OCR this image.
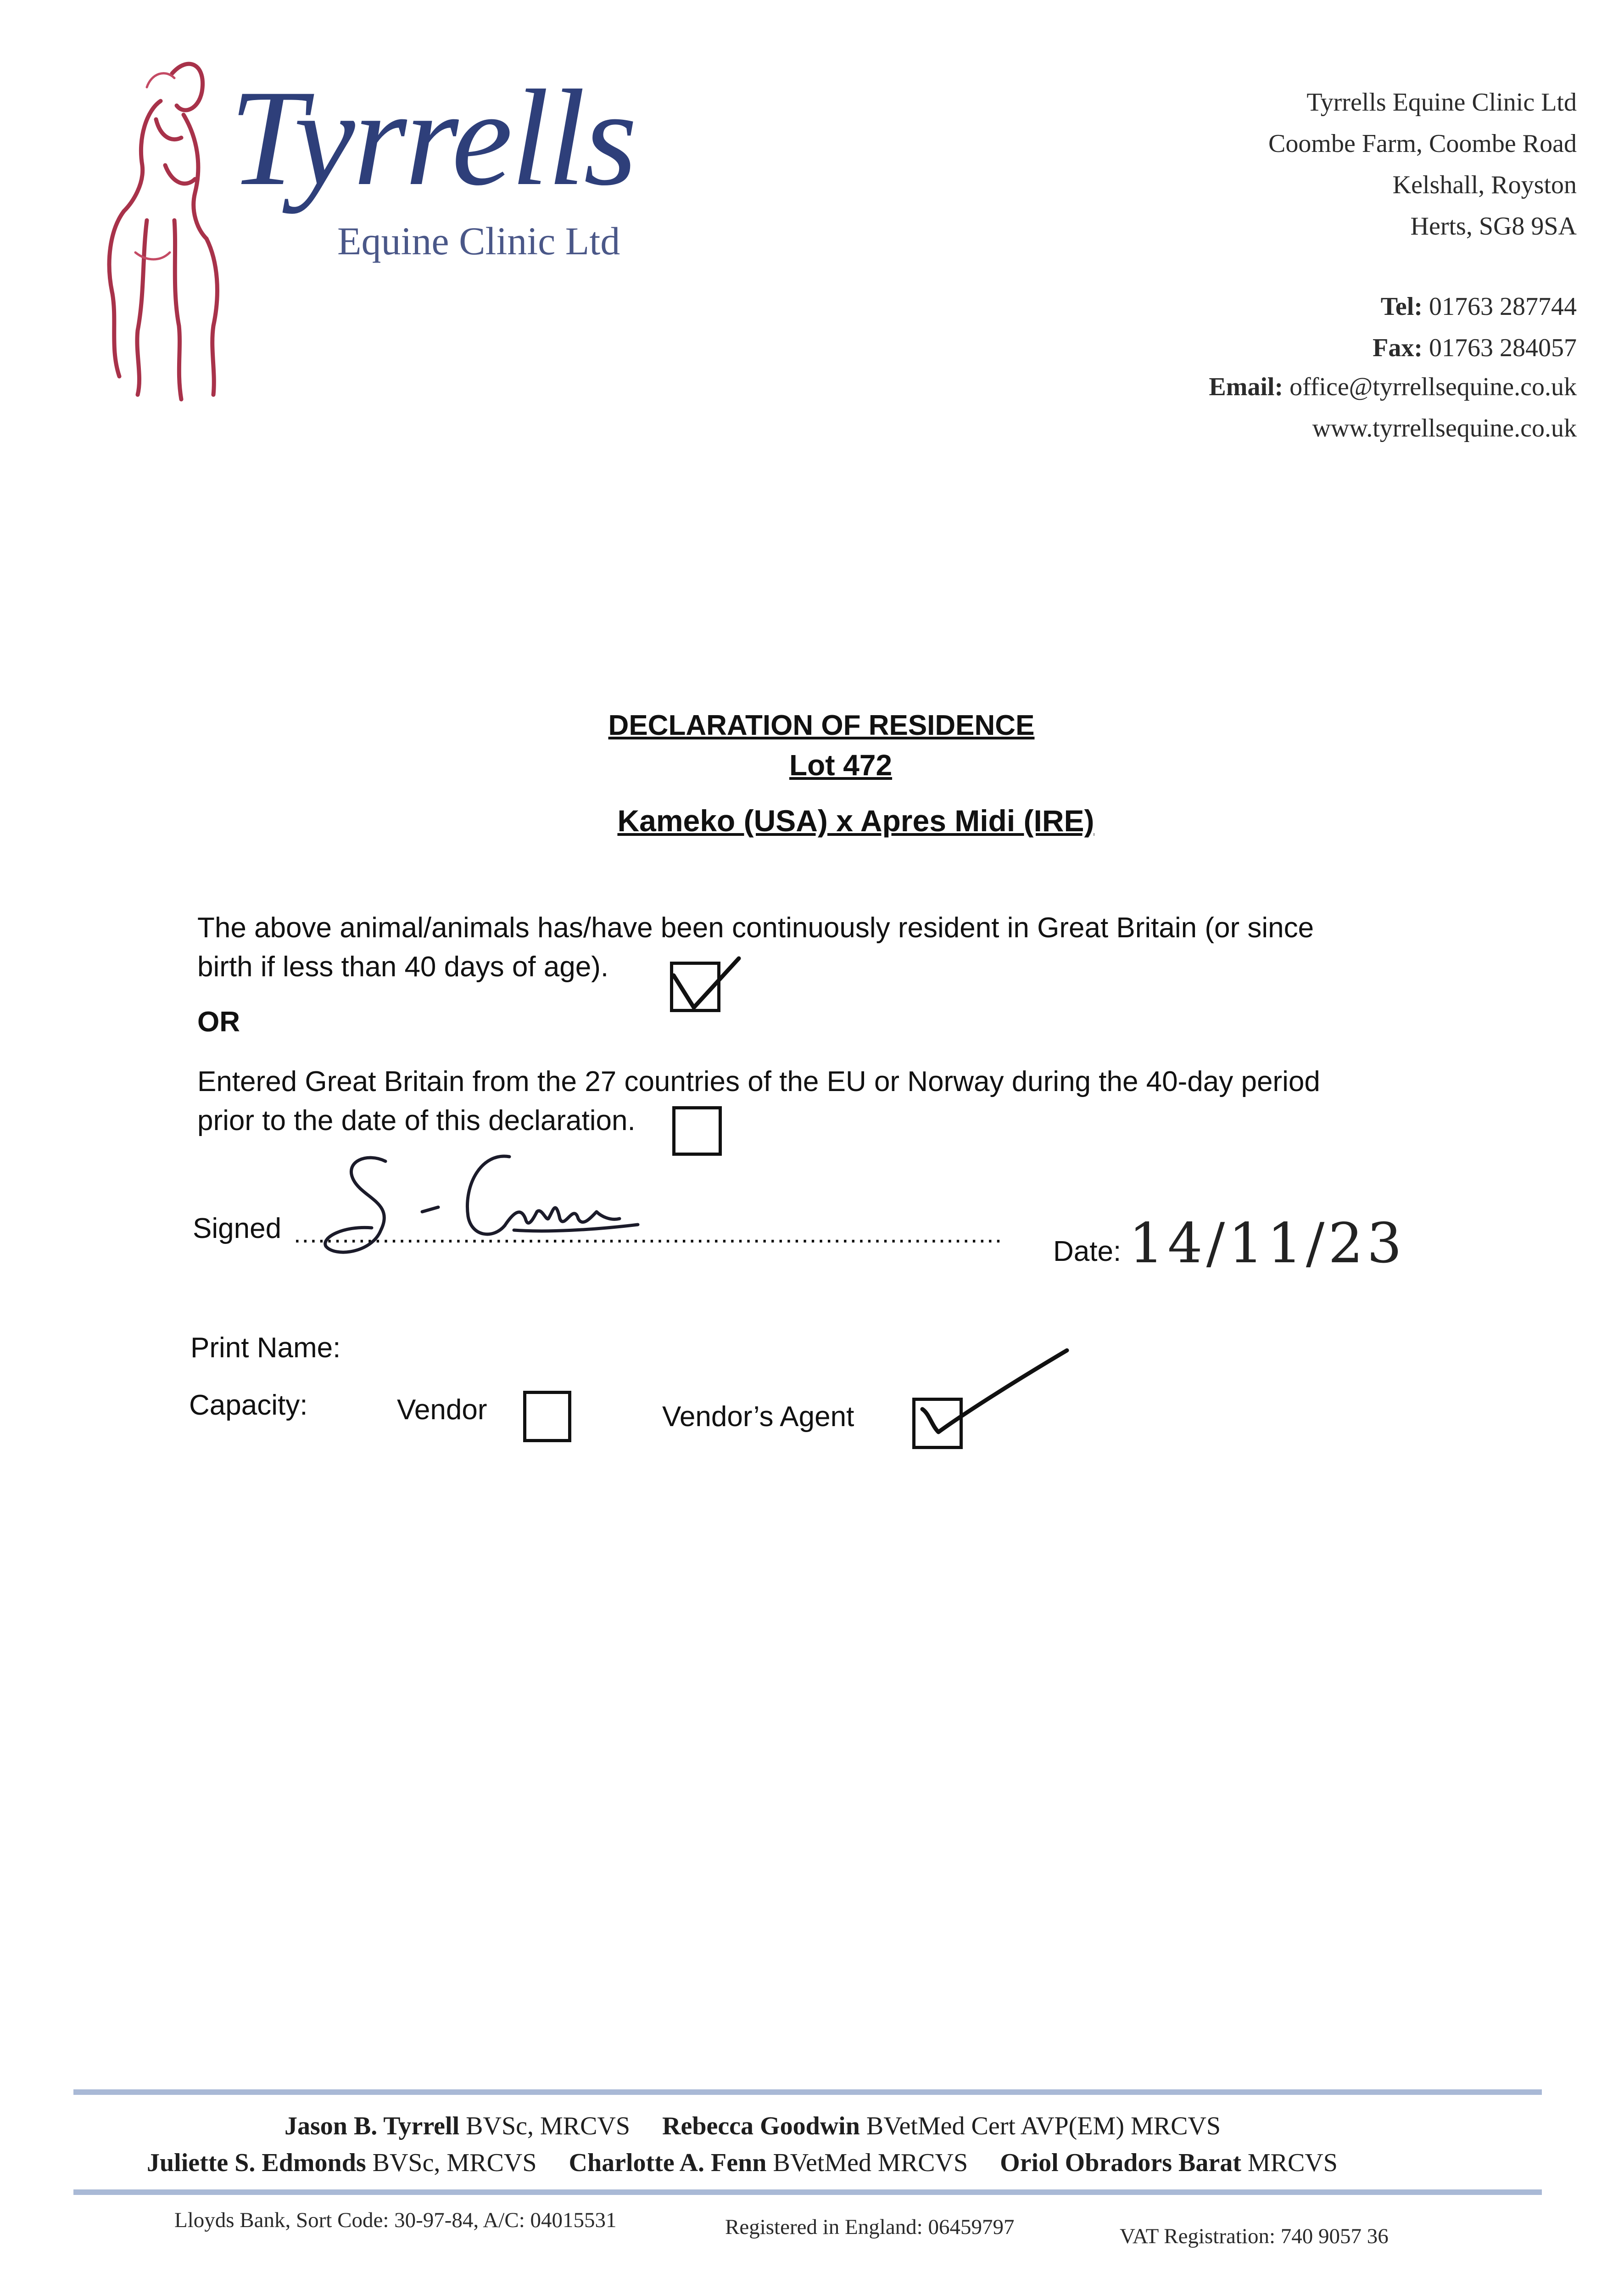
Tyrrells
Equine Clinic Ltd
Tyrrells Equine Clinic Ltd
Coombe Farm, Coombe Road
Kelshall, Royston
Herts, SG8 9SA
Tel: 01763 287744
Fax: 01763 284057
Email: office@tyrrellsequine.co.uk
www.tyrrellsequine.co.uk
DECLARATION OF RESIDENCE
Lot 472
Kameko (USA) x Apres Midi (IRE)
The above animal/animals has/have been continuously resident in Great Britain (or since
birth if less than 40 days of age).
OR
Entered Great Britain from the 27 countries of the EU or Norway during the 40-day period
prior to the date of this declaration.
Signed ........................................................................................
Date: 14/11/23
Print Name:
Capacity:	Vendor	Vendor’s Agent
Jason B. Tyrrell BVSc, MRCVS Rebecca Goodwin BVetMed Cert AVP(EM) MRCVS
Juliette S. Edmonds BVSc, MRCVS Charlotte A. Fenn BVetMed MRCVS Oriol Obradors Barat MRCVS
Lloyds Bank, Sort Code: 30-97-84, A/C: 04015531	Registered in England: 06459797	VAT Registration: 740 9057 36
